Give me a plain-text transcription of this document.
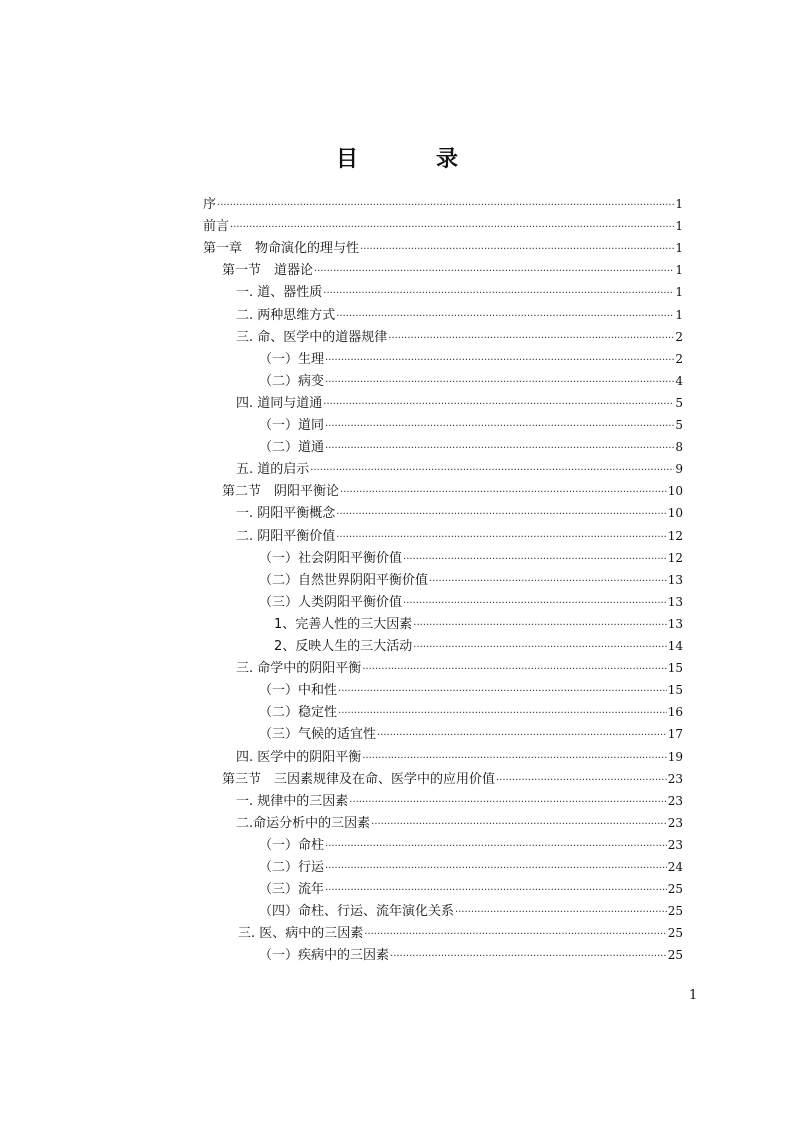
目　录
序 ·····	1
前言 ·····	1
第一章　物命演化的理与性 ·····	1
第一节　道器论 ·····	1
一. 道、器性质 ·····	1
二. 两种思维方式 ·····	1
三. 命、医学中的道器规律 ·····	2
（一）生理 ·····	2
（二）病变 ·····	4
四. 道同与道通 ·····	5
（一）道同 ·····	5
（二）道通 ·····	8
五. 道的启示 ·····	9
第二节　阴阳平衡论 ·····	10
一. 阴阳平衡概念 ·····	10
二. 阴阳平衡价值 ·····	12
（一）社会阴阳平衡价值 ·····	12
（二）自然世界阴阳平衡价值 ·····	13
（三）人类阴阳平衡价值 ·····	13
1、完善人性的三大因素 ·····	13
2、反映人生的三大活动 ·····	14
三. 命学中的阴阳平衡 ·····	15
（一）中和性 ·····	15
（二）稳定性 ·····	16
（三）气候的适宜性 ·····	17
四. 医学中的阴阳平衡 ·····	19
第三节　三因素规律及在命、医学中的应用价值 ·····	23
一. 规律中的三因素 ·····	23
二.命运分析中的三因素 ·····	23
（一）命柱 ·····	23
（二）行运 ·····	24
（三）流年 ·····	25
（四）命柱、行运、流年演化关系 ·····	25
三. 医、病中的三因素 ·····	25
（一）疾病中的三因素 ·····	25
1
